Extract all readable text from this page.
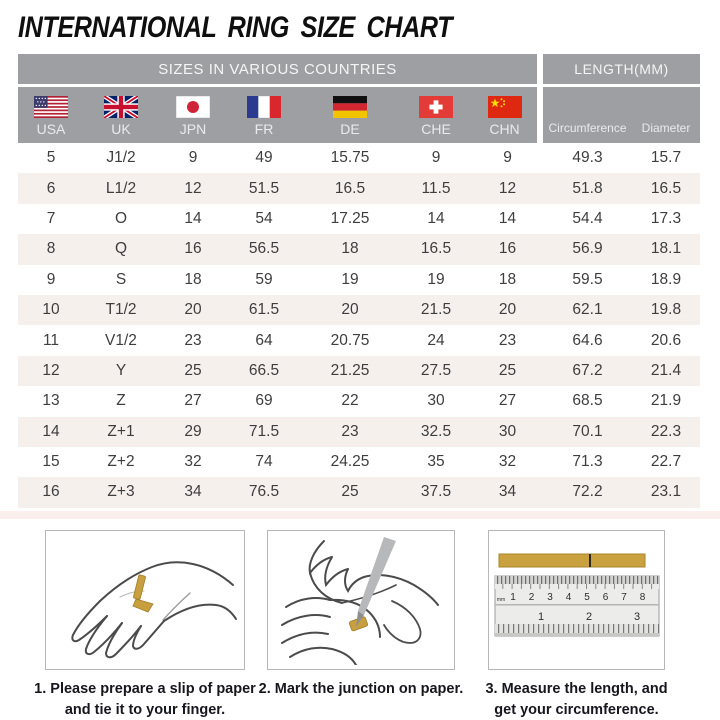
INTERNATIONAL RING SIZE CHART
SIZES IN VARIOUS COUNTRIES	LENGTH(MM)
USA	UK	JPN	FR	DE	CHE	CHN	Circumference	Diameter
5	J1/2	9	49	15.75	9	9	49.3	15.7
6	L1/2	12	51.5	16.5	11.5	12	51.8	16.5
7	O	14	54	17.25	14	14	54.4	17.3
8	Q	16	56.5	18	16.5	16	56.9	18.1
9	S	18	59	19	19	18	59.5	18.9
10	T1/2	20	61.5	20	21.5	20	62.1	19.8
11	V1/2	23	64	20.75	24	23	64.6	20.6
12	Y	25	66.5	21.25	27.5	25	67.2	21.4
13	Z	27	69	22	30	27	68.5	21.9
14	Z+1	29	71.5	23	32.5	30	70.1	22.3
15	Z+2	32	74	24.25	35	32	71.3	22.7
16	Z+3	34	76.5	25	37.5	34	72.2	23.1
1. Please prepare a slip of paper
and tie it to your finger.
2. Mark the junction on paper.
mm 1 2 3 4 5 6 7 8
1	2	3
3. Measure the length, and
get your circumference.
